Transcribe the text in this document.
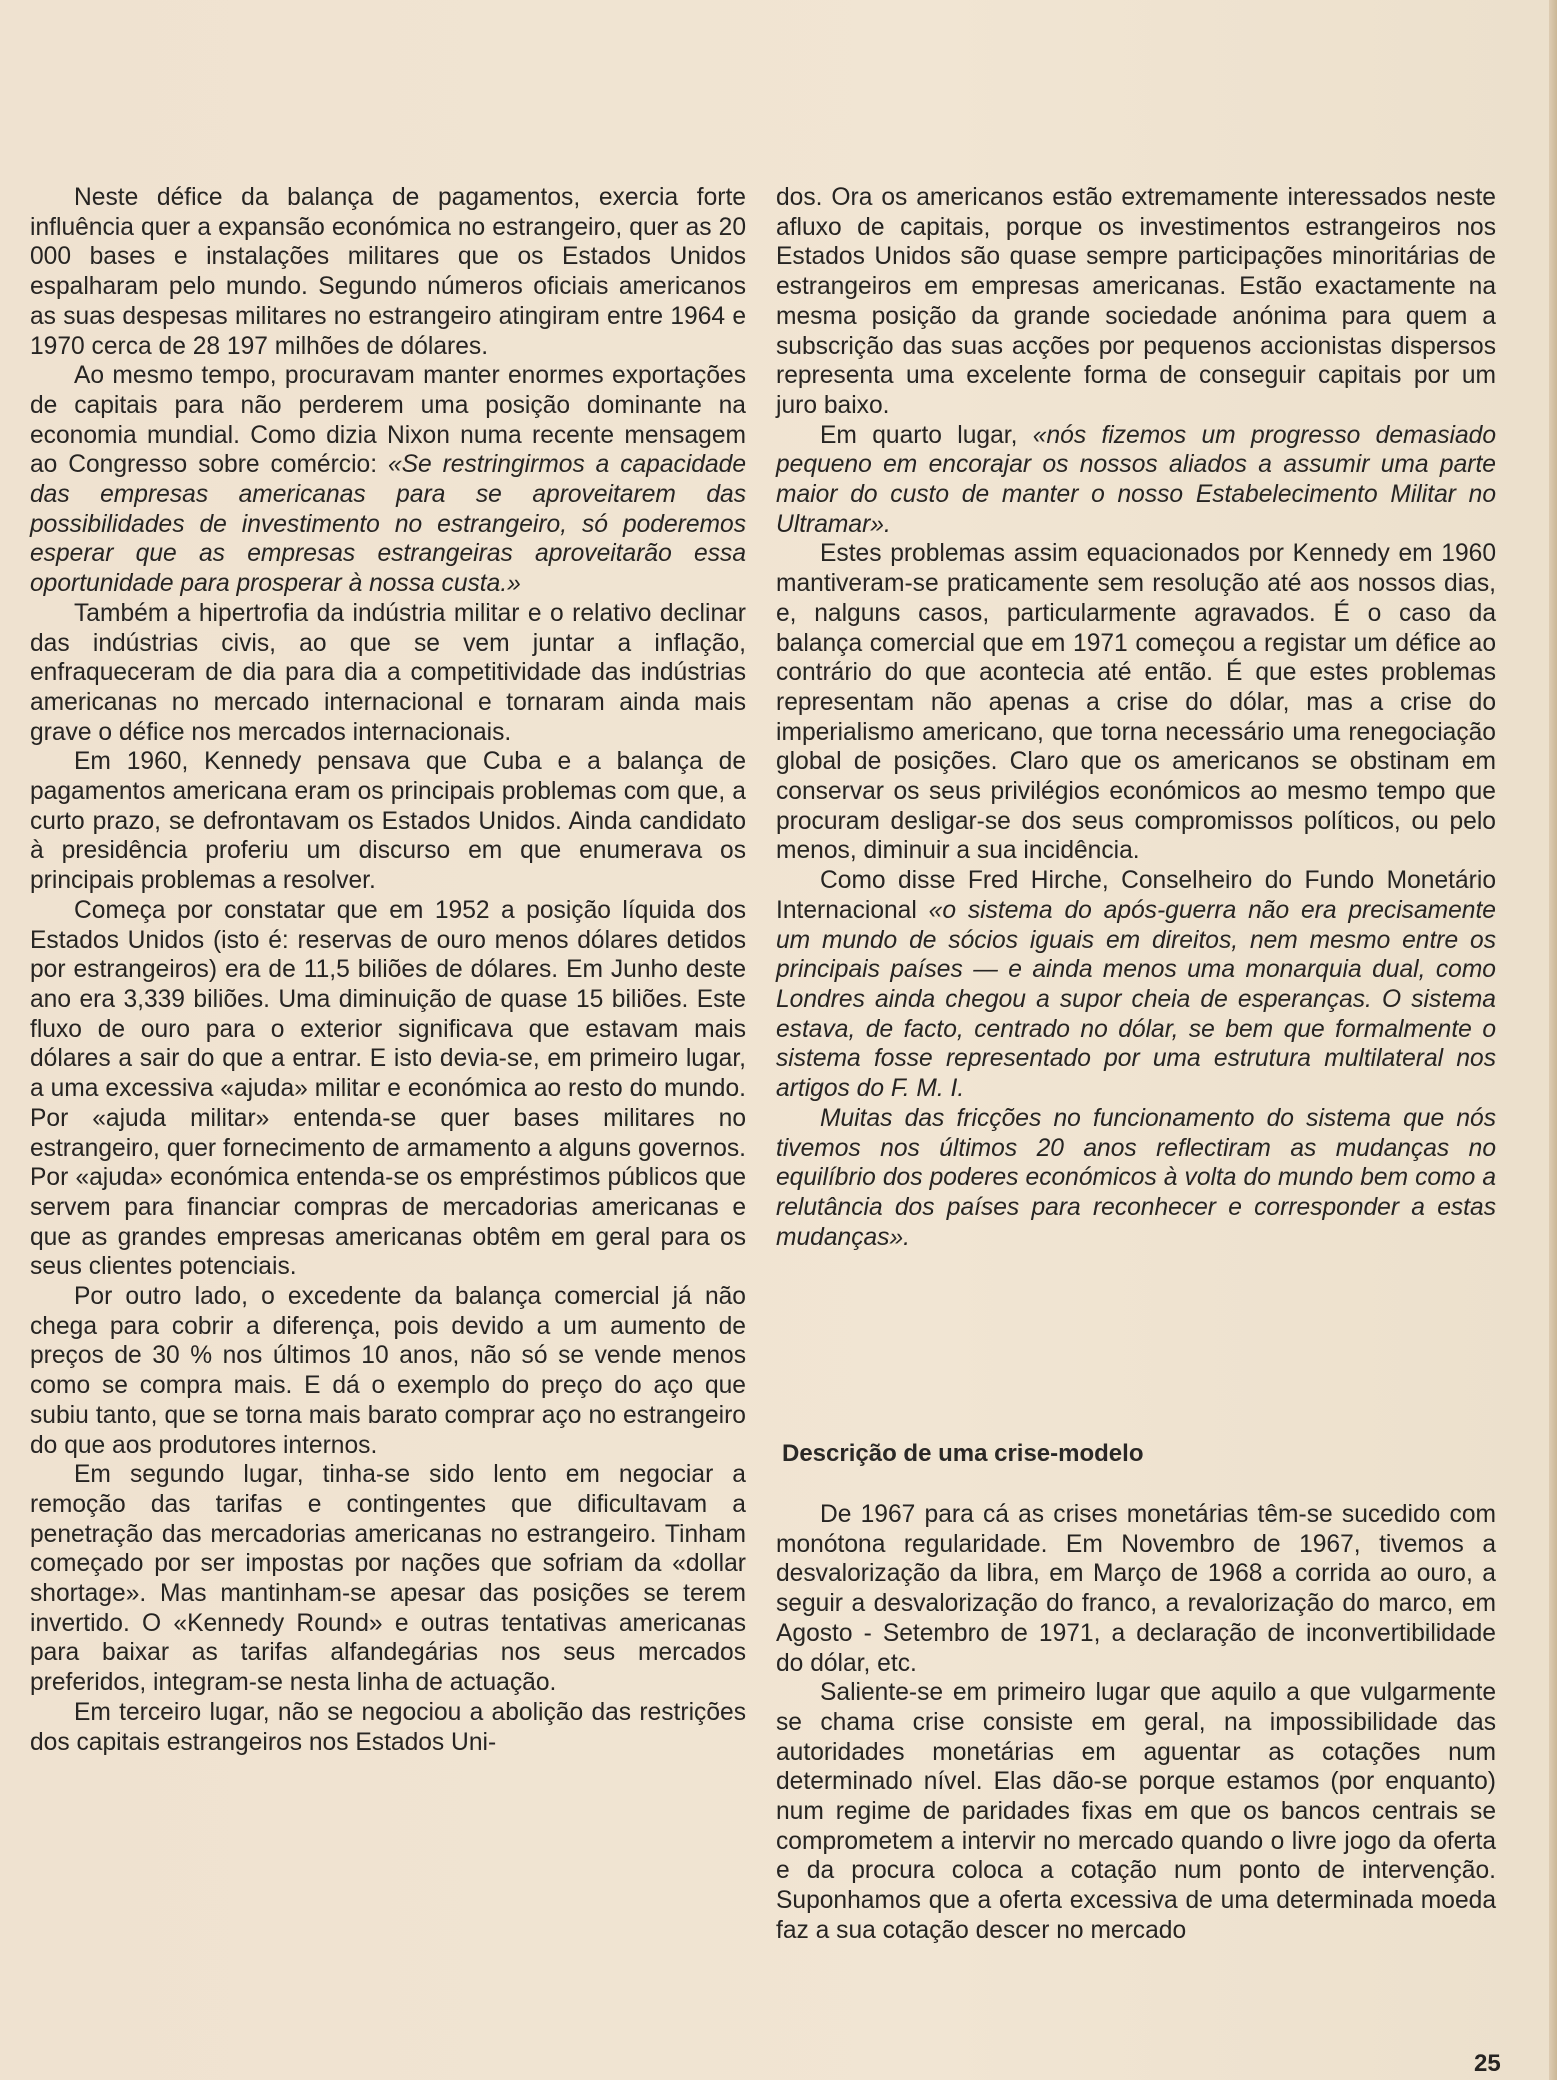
Neste défice da balança de pagamentos, exercia forte influência quer a expansão económica no estrangeiro, quer as 20 000 bases e instalações militares que os Estados Unidos espalharam pelo mundo. Segundo números oficiais americanos as suas despesas militares no estrangeiro atingiram entre 1964 e 1970 cerca de 28 197 milhões de dólares.

Ao mesmo tempo, procuravam manter enormes exportações de capitais para não perderem uma posição dominante na economia mundial. Como dizia Nixon numa recente mensagem ao Congresso sobre comércio: «Se restringirmos a capacidade das empresas americanas para se aproveitarem das possibilidades de investimento no estrangeiro, só poderemos esperar que as empresas estrangeiras aproveitarão essa oportunidade para prosperar à nossa custa.»

Também a hipertrofia da indústria militar e o relativo declinar das indústrias civis, ao que se vem juntar a inflação, enfraqueceram de dia para dia a competitividade das indústrias americanas no mercado internacional e tornaram ainda mais grave o défice nos mercados internacionais.

Em 1960, Kennedy pensava que Cuba e a balança de pagamentos americana eram os principais problemas com que, a curto prazo, se defrontavam os Estados Unidos. Ainda candidato à presidência proferiu um discurso em que enumerava os principais problemas a resolver.

Começa por constatar que em 1952 a posição líquida dos Estados Unidos (isto é: reservas de ouro menos dólares detidos por estrangeiros) era de 11,5 biliões de dólares. Em Junho deste ano era 3,339 biliões. Uma diminuição de quase 15 biliões. Este fluxo de ouro para o exterior significava que estavam mais dólares a sair do que a entrar. E isto devia-se, em primeiro lugar, a uma excessiva «ajuda» militar e económica ao resto do mundo. Por «ajuda militar» entenda-se quer bases militares no estrangeiro, quer fornecimento de armamento a alguns governos. Por «ajuda» económica entenda-se os empréstimos públicos que servem para financiar compras de mercadorias americanas e que as grandes empresas americanas obtêm em geral para os seus clientes potenciais.

Por outro lado, o excedente da balança comercial já não chega para cobrir a diferença, pois devido a um aumento de preços de 30 % nos últimos 10 anos, não só se vende menos como se compra mais. E dá o exemplo do preço do aço que subiu tanto, que se torna mais barato comprar aço no estrangeiro do que aos produtores internos.

Em segundo lugar, tinha-se sido lento em negociar a remoção das tarifas e contingentes que dificultavam a penetração das mercadorias americanas no estrangeiro. Tinham começado por ser impostas por nações que sofriam da «dollar shortage». Mas mantinham-se apesar das posições se terem invertido. O «Kennedy Round» e outras tentativas americanas para baixar as tarifas alfandegárias nos seus mercados preferidos, integram-se nesta linha de actuação.

Em terceiro lugar, não se negociou a abolição das restrições dos capitais estrangeiros nos Estados Uni-

dos. Ora os americanos estão extremamente interessados neste afluxo de capitais, porque os investimentos estrangeiros nos Estados Unidos são quase sempre participações minoritárias de estrangeiros em empresas americanas. Estão exactamente na mesma posição da grande sociedade anónima para quem a subscrição das suas acções por pequenos accionistas dispersos representa uma excelente forma de conseguir capitais por um juro baixo.

Em quarto lugar, «nós fizemos um progresso demasiado pequeno em encorajar os nossos aliados a assumir uma parte maior do custo de manter o nosso Estabelecimento Militar no Ultramar».

Estes problemas assim equacionados por Kennedy em 1960 mantiveram-se praticamente sem resolução até aos nossos dias, e, nalguns casos, particularmente agravados. É o caso da balança comercial que em 1971 começou a registar um défice ao contrário do que acontecia até então. É que estes problemas representam não apenas a crise do dólar, mas a crise do imperialismo americano, que torna necessário uma renegociação global de posições. Claro que os americanos se obstinam em conservar os seus privilégios económicos ao mesmo tempo que procuram desligar-se dos seus compromissos políticos, ou pelo menos, diminuir a sua incidência.

Como disse Fred Hirche, Conselheiro do Fundo Monetário Internacional «o sistema do após-guerra não era precisamente um mundo de sócios iguais em direitos, nem mesmo entre os principais países — e ainda menos uma monarquia dual, como Londres ainda chegou a supor cheia de esperanças. O sistema estava, de facto, centrado no dólar, se bem que formalmente o sistema fosse representado por uma estrutura multilateral nos artigos do F. M. I.

Muitas das fricções no funcionamento do sistema que nós tivemos nos últimos 20 anos reflectiram as mudanças no equilíbrio dos poderes económicos à volta do mundo bem como a relutância dos países para reconhecer e corresponder a estas mudanças».

Descrição de uma crise-modelo

De 1967 para cá as crises monetárias têm-se sucedido com monótona regularidade. Em Novembro de 1967, tivemos a desvalorização da libra, em Março de 1968 a corrida ao ouro, a seguir a desvalorização do franco, a revalorização do marco, em Agosto - Setembro de 1971, a declaração de inconvertibilidade do dólar, etc.

Saliente-se em primeiro lugar que aquilo a que vulgarmente se chama crise consiste em geral, na impossibilidade das autoridades monetárias em aguentar as cotações num determinado nível. Elas dão-se porque estamos (por enquanto) num regime de paridades fixas em que os bancos centrais se comprometem a intervir no mercado quando o livre jogo da oferta e da procura coloca a cotação num ponto de intervenção. Suponhamos que a oferta excessiva de uma determinada moeda faz a sua cotação descer no mercado

25
